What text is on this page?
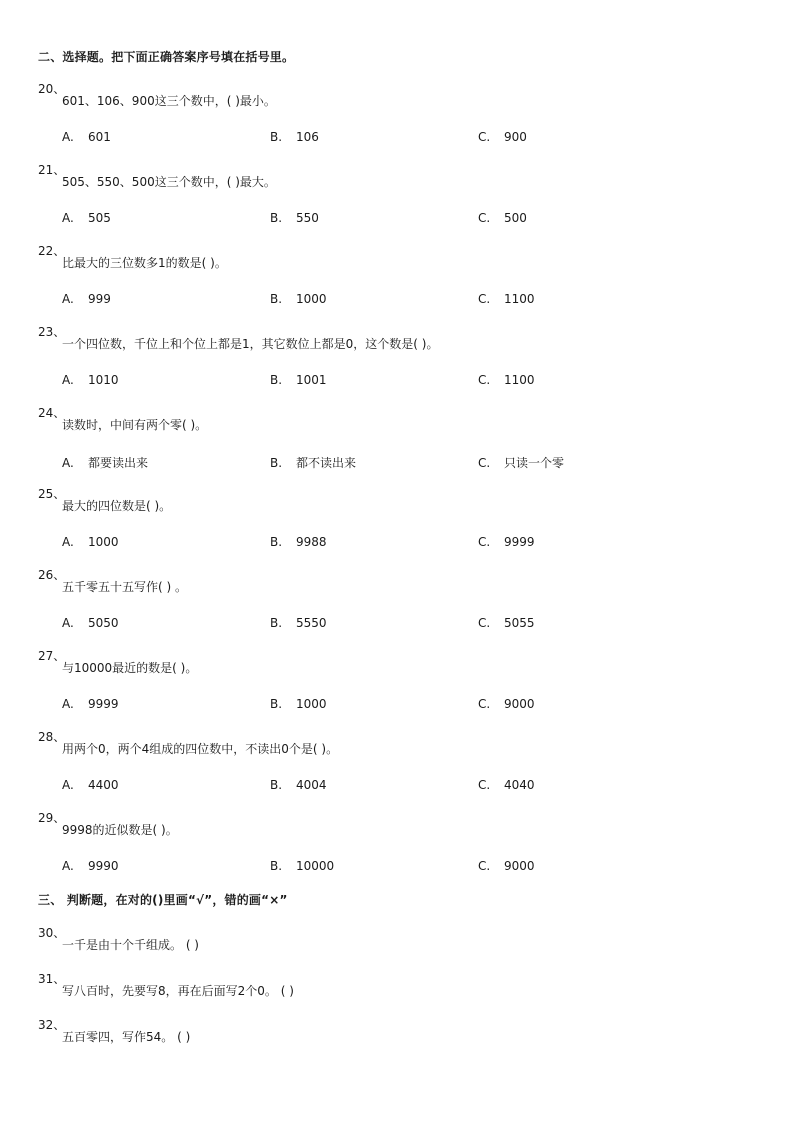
二、选择题。把下面正确答案序号填在括号里。
20、
601、106、900这三个数中，( )最小。
A. 601	B. 106	C. 900
21、
505、550、500这三个数中，( )最大。
A. 505	B. 550	C. 500
22、
比最大的三位数多1的数是( )。
A. 999	B. 1000	C. 1100
23、
一个四位数，千位上和个位上都是1，其它数位上都是0，这个数是( )。
A. 1010	B. 1001	C. 1100
24、
读数时，中间有两个零( )。
A. 都要读出来	B. 都不读出来	C. 只读一个零
25、
最大的四位数是( )。
A. 1000	B. 9988	C. 9999
26、
五千零五十五写作( ) 。
A. 5050	B. 5550	C. 5055
27、
与10000最近的数是( )。
A. 9999	B. 1000	C. 9000
28、
用两个0，两个4组成的四位数中，不读出0个是( )。
A. 4400	B. 4004	C. 4040
29、
9998的近似数是( )。
A. 9990	B. 10000	C. 9000
三、 判断题，在对的()里画“√”，错的画“×”
30、
一千是由十个千组成。 ( )
31、
写八百时，先要写8，再在后面写2个0。 ( )
32、
五百零四，写作54。 ( )
